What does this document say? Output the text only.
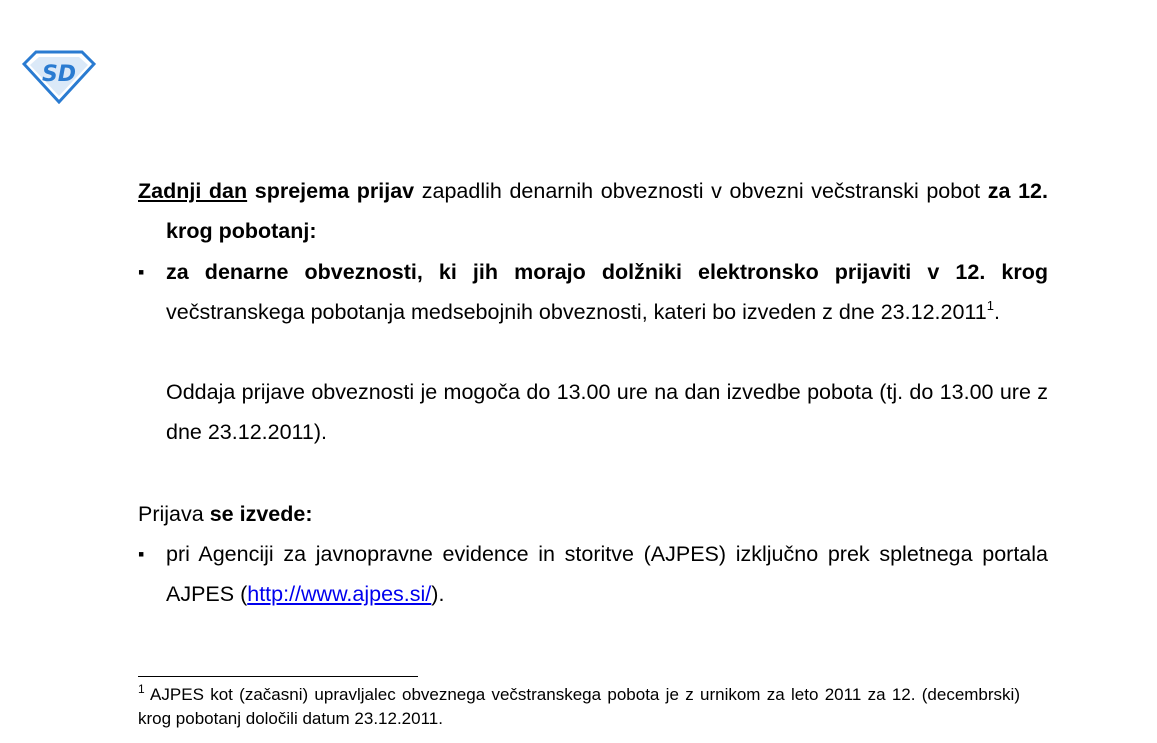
SD

Zadnji dan sprejema prijav zapadlih denarnih obveznosti v obvezni večstranski pobot za 12. krog pobotanj:

▪	za denarne obveznosti, ki jih morajo dolžniki elektronsko prijaviti v 12. krog večstranskega pobotanja medsebojnih obveznosti, kateri bo izveden z dne 23.12.2011$^1$.

Oddaja prijave obveznosti je mogoča do 13.00 ure na dan izvedbe pobota (tj. do 13.00 ure z dne 23.12.2011).

Prijava se izvede:

▪	pri Agenciji za javnopravne evidence in storitve (AJPES) izključno prek spletnega portala AJPES (http://www.ajpes.si/).

$^1$ AJPES kot (začasni) upravljalec obveznega večstranskega pobota je z urnikom za leto 2011 za 12. (decembrski) krog pobotanj določili datum 23.12.2011.
